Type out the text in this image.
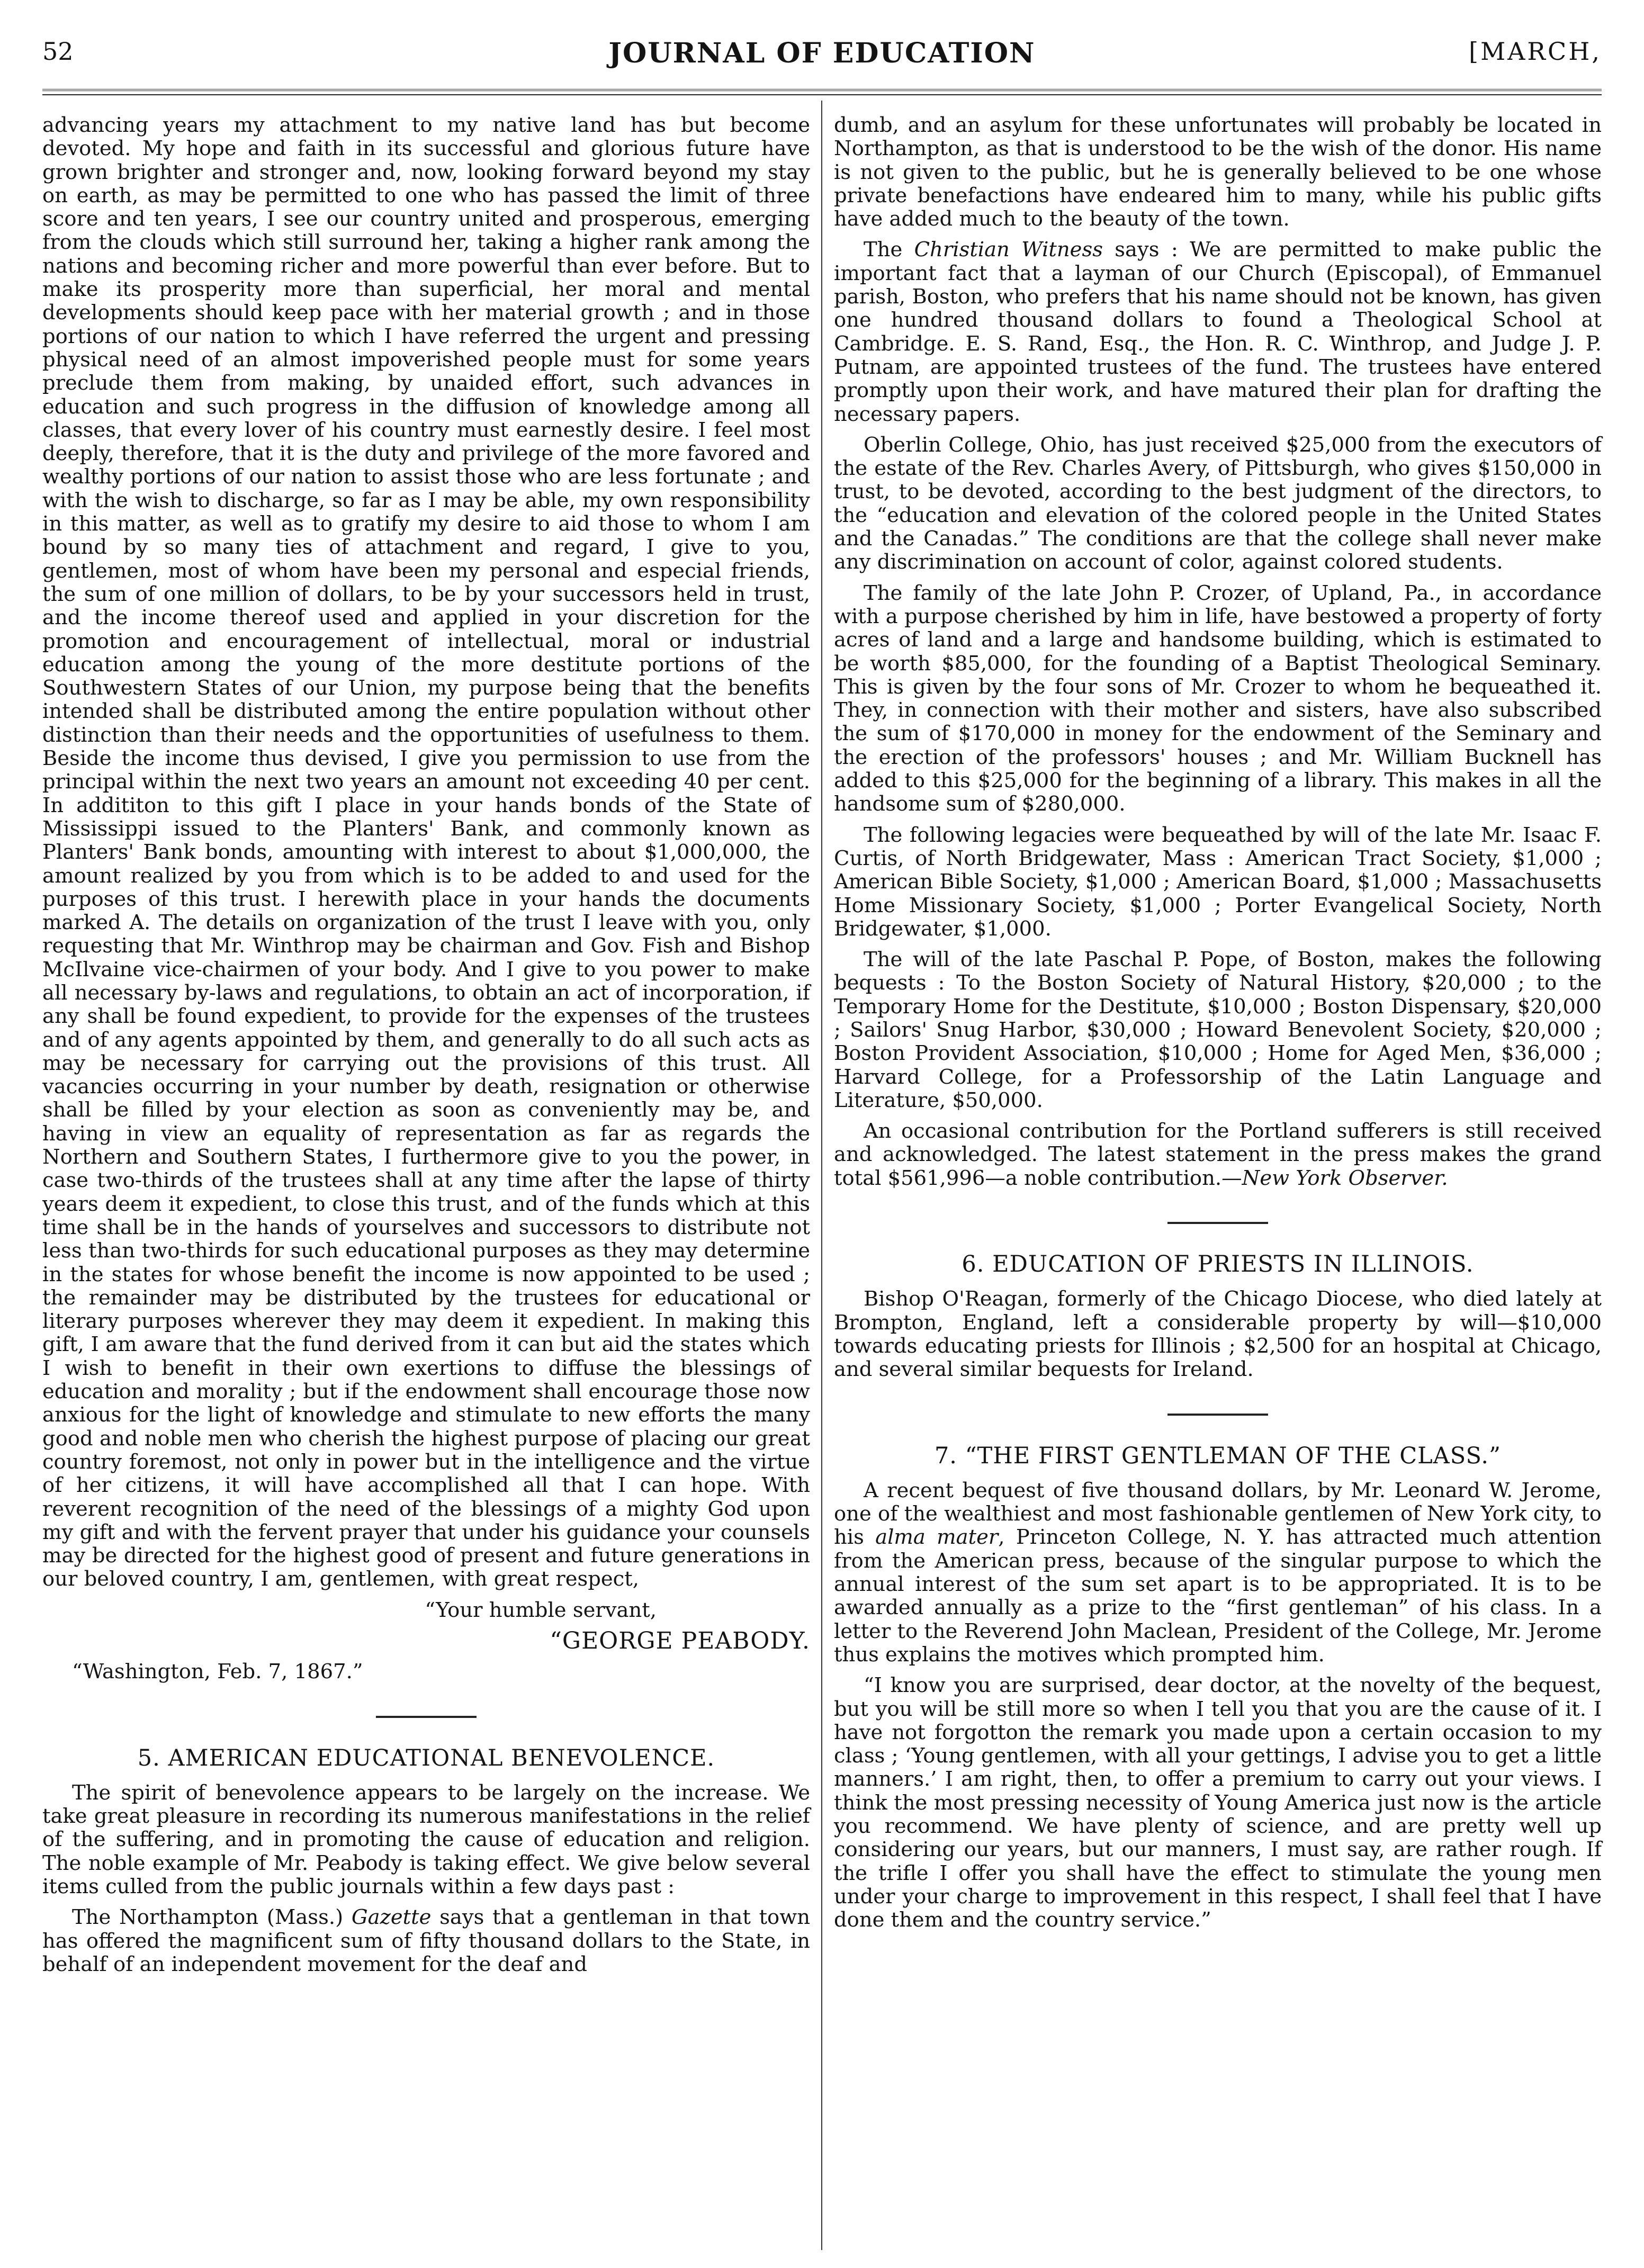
52	JOURNAL OF EDUCATION	[MARCH,

advancing years my attachment to my native land has but become devoted. My hope and faith in its successful and glorious future have grown brighter and stronger and, now, looking forward beyond my stay on earth, as may be permitted to one who has passed the limit of three score and ten years, I see our country united and prosperous, emerging from the clouds which still surround her, taking a higher rank among the nations and becoming richer and more powerful than ever before. But to make its prosperity more than superficial, her moral and mental developments should keep pace with her material growth ; and in those portions of our nation to which I have referred the urgent and pressing physical need of an almost impoverished people must for some years preclude them from making, by unaided effort, such advances in education and such progress in the diffusion of knowledge among all classes, that every lover of his country must earnestly desire. I feel most deeply, therefore, that it is the duty and privilege of the more favored and wealthy portions of our nation to assist those who are less fortunate ; and with the wish to discharge, so far as I may be able, my own responsibility in this matter, as well as to gratify my desire to aid those to whom I am bound by so many ties of attachment and regard, I give to you, gentlemen, most of whom have been my personal and especial friends, the sum of one million of dollars, to be by your successors held in trust, and the income thereof used and applied in your discretion for the promotion and encouragement of intellectual, moral or industrial education among the young of the more destitute portions of the Southwestern States of our Union, my purpose being that the benefits intended shall be distributed among the entire population without other distinction than their needs and the opportunities of usefulness to them. Beside the income thus devised, I give you permission to use from the principal within the next two years an amount not exceeding 40 per cent. In addititon to this gift I place in your hands bonds of the State of Mississippi issued to the Planters' Bank, and commonly known as Planters' Bank bonds, amounting with interest to about $1,000,000, the amount realized by you from which is to be added to and used for the purposes of this trust. I herewith place in your hands the documents marked A. The details on organization of the trust I leave with you, only requesting that Mr. Winthrop may be chairman and Gov. Fish and Bishop McIlvaine vice-chairmen of your body. And I give to you power to make all necessary by-laws and regulations, to obtain an act of incorporation, if any shall be found expedient, to provide for the expenses of the trustees and of any agents appointed by them, and generally to do all such acts as may be necessary for carrying out the provisions of this trust. All vacancies occurring in your number by death, resignation or otherwise shall be filled by your election as soon as conveniently may be, and having in view an equality of representation as far as regards the Northern and Southern States, I furthermore give to you the power, in case two-thirds of the trustees shall at any time after the lapse of thirty years deem it expedient, to close this trust, and of the funds which at this time shall be in the hands of yourselves and successors to distribute not less than two-thirds for such educational purposes as they may determine in the states for whose benefit the income is now appointed to be used ; the remainder may be distributed by the trustees for educational or literary purposes wherever they may deem it expedient. In making this gift, I am aware that the fund derived from it can but aid the states which I wish to benefit in their own exertions to diffuse the blessings of education and morality ; but if the endowment shall encourage those now anxious for the light of knowledge and stimulate to new efforts the many good and noble men who cherish the highest purpose of placing our great country foremost, not only in power but in the intelligence and the virtue of her citizens, it will have accomplished all that I can hope. With reverent recognition of the need of the blessings of a mighty God upon my gift and with the fervent prayer that under his guidance your counsels may be directed for the highest good of present and future generations in our beloved country, I am, gentlemen, with great respect,

“Your humble servant,

“GEORGE PEABODY.

“Washington, Feb. 7, 1867.”

5. AMERICAN EDUCATIONAL BENEVOLENCE.

The spirit of benevolence appears to be largely on the increase. We take great pleasure in recording its numerous manifestations in the relief of the suffering, and in promoting the cause of education and religion. The noble example of Mr. Peabody is taking effect. We give below several items culled from the public journals within a few days past :

The Northampton (Mass.) Gazette says that a gentleman in that town has offered the magnificent sum of fifty thousand dollars to the State, in behalf of an independent movement for the deaf and

dumb, and an asylum for these unfortunates will probably be located in Northampton, as that is understood to be the wish of the donor. His name is not given to the public, but he is generally believed to be one whose private benefactions have endeared him to many, while his public gifts have added much to the beauty of the town.

The Christian Witness says : We are permitted to make public the important fact that a layman of our Church (Episcopal), of Emmanuel parish, Boston, who prefers that his name should not be known, has given one hundred thousand dollars to found a Theological School at Cambridge. E. S. Rand, Esq., the Hon. R. C. Winthrop, and Judge J. P. Putnam, are appointed trustees of the fund. The trustees have entered promptly upon their work, and have matured their plan for drafting the necessary papers.

Oberlin College, Ohio, has just received $25,000 from the executors of the estate of the Rev. Charles Avery, of Pittsburgh, who gives $150,000 in trust, to be devoted, according to the best judgment of the directors, to the “education and elevation of the colored people in the United States and the Canadas.” The conditions are that the college shall never make any discrimination on account of color, against colored students.

The family of the late John P. Crozer, of Upland, Pa., in accordance with a purpose cherished by him in life, have bestowed a property of forty acres of land and a large and handsome building, which is estimated to be worth $85,000, for the founding of a Baptist Theological Seminary. This is given by the four sons of Mr. Crozer to whom he bequeathed it. They, in connection with their mother and sisters, have also subscribed the sum of $170,000 in money for the endowment of the Seminary and the erection of the professors' houses ; and Mr. William Bucknell has added to this $25,000 for the beginning of a library. This makes in all the handsome sum of $280,000.

The following legacies were bequeathed by will of the late Mr. Isaac F. Curtis, of North Bridgewater, Mass : American Tract Society, $1,000 ; American Bible Society, $1,000 ; American Board, $1,000 ; Massachusetts Home Missionary Society, $1,000 ; Porter Evangelical Society, North Bridgewater, $1,000.

The will of the late Paschal P. Pope, of Boston, makes the following bequests : To the Boston Society of Natural History, $20,000 ; to the Temporary Home for the Destitute, $10,000 ; Boston Dispensary, $20,000 ; Sailors' Snug Harbor, $30,000 ; Howard Benevolent Society, $20,000 ; Boston Provident Association, $10,000 ; Home for Aged Men, $36,000 ; Harvard College, for a Professorship of the Latin Language and Literature, $50,000.

An occasional contribution for the Portland sufferers is still received and acknowledged. The latest statement in the press makes the grand total $561,996—a noble contribution.—New York Observer.

6. EDUCATION OF PRIESTS IN ILLINOIS.

Bishop O'Reagan, formerly of the Chicago Diocese, who died lately at Brompton, England, left a considerable property by will—$10,000 towards educating priests for Illinois ; $2,500 for an hospital at Chicago, and several similar bequests for Ireland.

7. “THE FIRST GENTLEMAN OF THE CLASS.”

A recent bequest of five thousand dollars, by Mr. Leonard W. Jerome, one of the wealthiest and most fashionable gentlemen of New York city, to his alma mater, Princeton College, N. Y. has attracted much attention from the American press, because of the singular purpose to which the annual interest of the sum set apart is to be appropriated. It is to be awarded annually as a prize to the “first gentleman” of his class. In a letter to the Reverend John Maclean, President of the College, Mr. Jerome thus explains the motives which prompted him.

“I know you are surprised, dear doctor, at the novelty of the bequest, but you will be still more so when I tell you that you are the cause of it. I have not forgotton the remark you made upon a certain occasion to my class ; ‘Young gentlemen, with all your gettings, I advise you to get a little manners.’ I am right, then, to offer a premium to carry out your views. I think the most pressing necessity of Young America just now is the article you recommend. We have plenty of science, and are pretty well up considering our years, but our manners, I must say, are rather rough. If the trifle I offer you shall have the effect to stimulate the young men under your charge to improvement in this respect, I shall feel that I have done them and the country service.”
